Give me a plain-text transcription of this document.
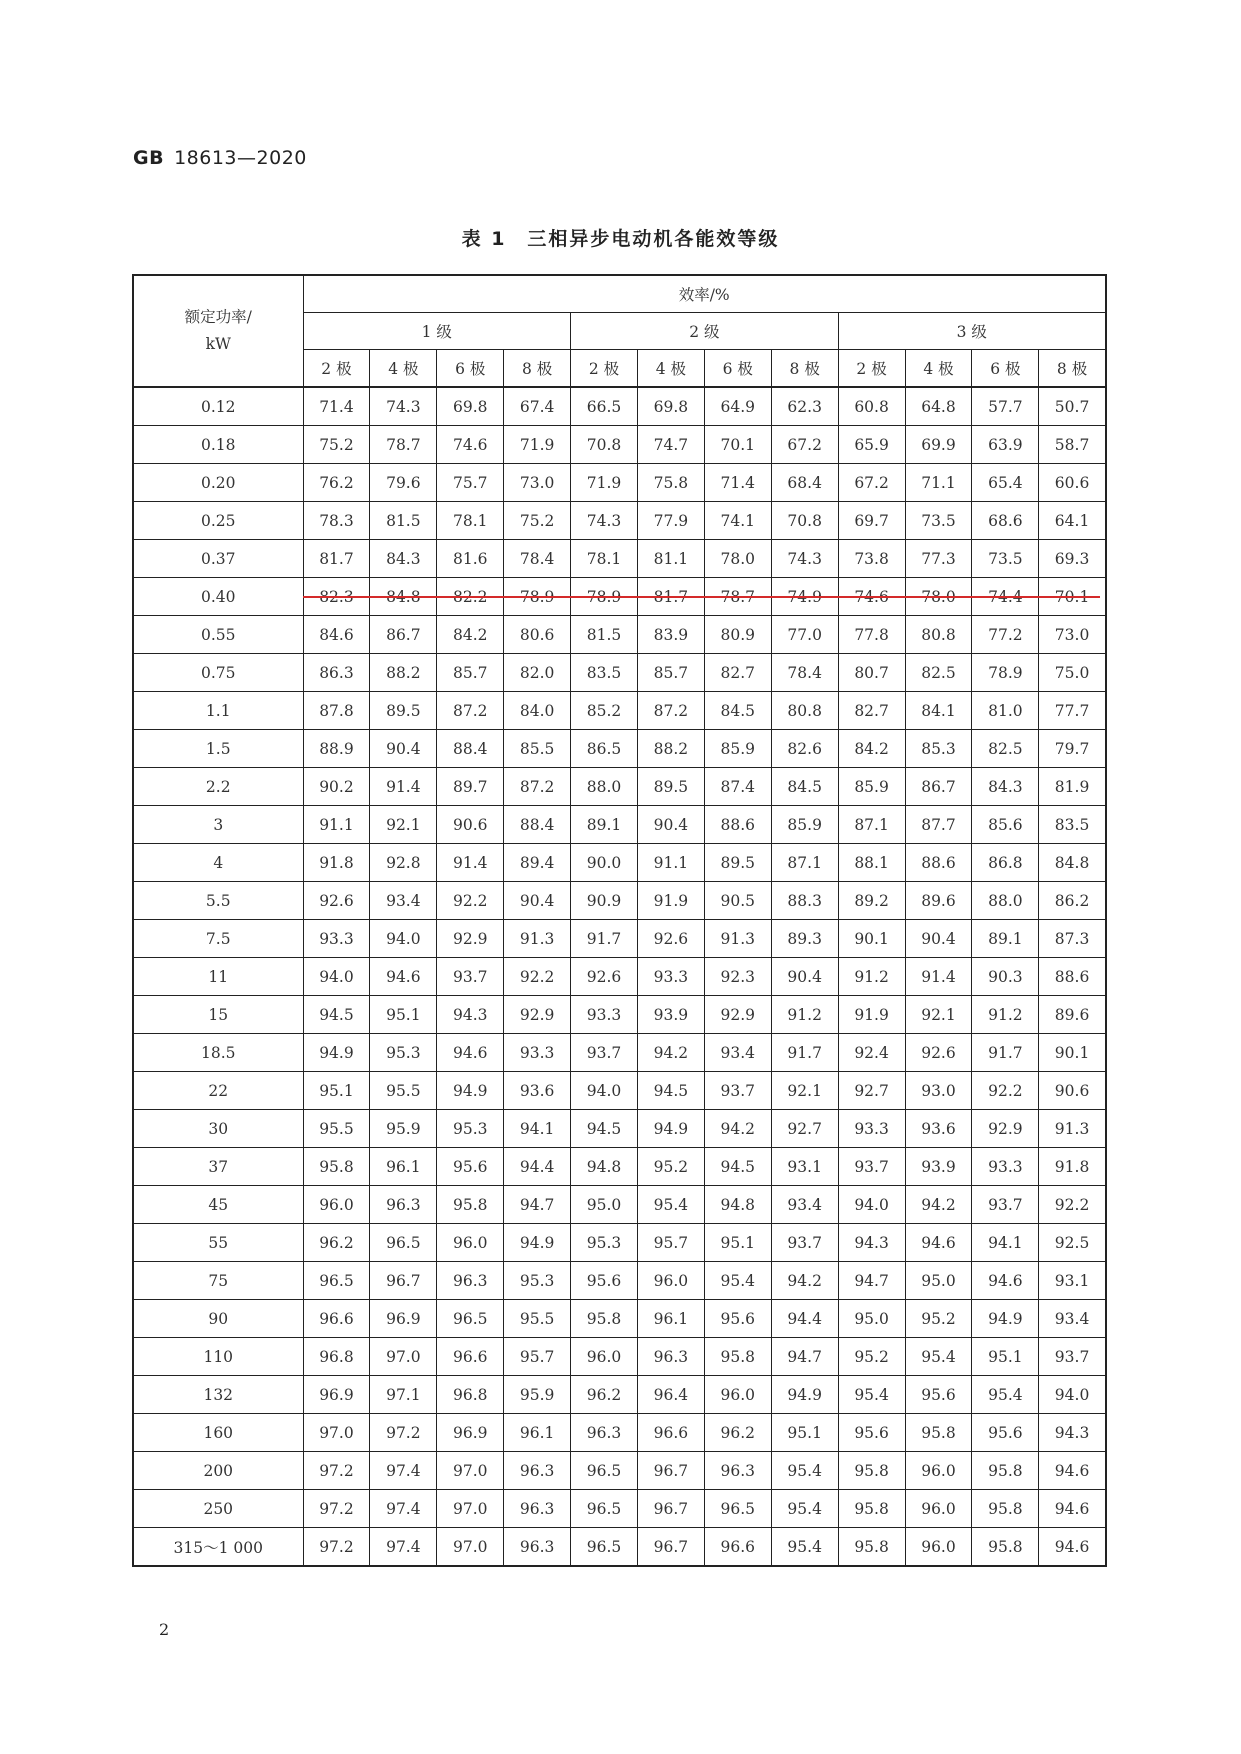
GB 18613—2020
表 1　三相异步电动机各能效等级
额定功率/
kW	效率/%											
	1 级				2 级				3 级			
	2 极	4 极	6 极	8 极	2 极	4 极	6 极	8 极	2 极	4 极	6 极	8 极
0.12	71.4	74.3	69.8	67.4	66.5	69.8	64.9	62.3	60.8	64.8	57.7	50.7
0.18	75.2	78.7	74.6	71.9	70.8	74.7	70.1	67.2	65.9	69.9	63.9	58.7
0.20	76.2	79.6	75.7	73.0	71.9	75.8	71.4	68.4	67.2	71.1	65.4	60.6
0.25	78.3	81.5	78.1	75.2	74.3	77.9	74.1	70.8	69.7	73.5	68.6	64.1
0.37	81.7	84.3	81.6	78.4	78.1	81.1	78.0	74.3	73.8	77.3	73.5	69.3
0.40	82.3	84.8	82.2	78.9	78.9	81.7	78.7	74.9	74.6	78.0	74.4	70.1
0.55	84.6	86.7	84.2	80.6	81.5	83.9	80.9	77.0	77.8	80.8	77.2	73.0
0.75	86.3	88.2	85.7	82.0	83.5	85.7	82.7	78.4	80.7	82.5	78.9	75.0
1.1	87.8	89.5	87.2	84.0	85.2	87.2	84.5	80.8	82.7	84.1	81.0	77.7
1.5	88.9	90.4	88.4	85.5	86.5	88.2	85.9	82.6	84.2	85.3	82.5	79.7
2.2	90.2	91.4	89.7	87.2	88.0	89.5	87.4	84.5	85.9	86.7	84.3	81.9
3	91.1	92.1	90.6	88.4	89.1	90.4	88.6	85.9	87.1	87.7	85.6	83.5
4	91.8	92.8	91.4	89.4	90.0	91.1	89.5	87.1	88.1	88.6	86.8	84.8
5.5	92.6	93.4	92.2	90.4	90.9	91.9	90.5	88.3	89.2	89.6	88.0	86.2
7.5	93.3	94.0	92.9	91.3	91.7	92.6	91.3	89.3	90.1	90.4	89.1	87.3
11	94.0	94.6	93.7	92.2	92.6	93.3	92.3	90.4	91.2	91.4	90.3	88.6
15	94.5	95.1	94.3	92.9	93.3	93.9	92.9	91.2	91.9	92.1	91.2	89.6
18.5	94.9	95.3	94.6	93.3	93.7	94.2	93.4	91.7	92.4	92.6	91.7	90.1
22	95.1	95.5	94.9	93.6	94.0	94.5	93.7	92.1	92.7	93.0	92.2	90.6
30	95.5	95.9	95.3	94.1	94.5	94.9	94.2	92.7	93.3	93.6	92.9	91.3
37	95.8	96.1	95.6	94.4	94.8	95.2	94.5	93.1	93.7	93.9	93.3	91.8
45	96.0	96.3	95.8	94.7	95.0	95.4	94.8	93.4	94.0	94.2	93.7	92.2
55	96.2	96.5	96.0	94.9	95.3	95.7	95.1	93.7	94.3	94.6	94.1	92.5
75	96.5	96.7	96.3	95.3	95.6	96.0	95.4	94.2	94.7	95.0	94.6	93.1
90	96.6	96.9	96.5	95.5	95.8	96.1	95.6	94.4	95.0	95.2	94.9	93.4
110	96.8	97.0	96.6	95.7	96.0	96.3	95.8	94.7	95.2	95.4	95.1	93.7
132	96.9	97.1	96.8	95.9	96.2	96.4	96.0	94.9	95.4	95.6	95.4	94.0
160	97.0	97.2	96.9	96.1	96.3	96.6	96.2	95.1	95.6	95.8	95.6	94.3
200	97.2	97.4	97.0	96.3	96.5	96.7	96.3	95.4	95.8	96.0	95.8	94.6
250	97.2	97.4	97.0	96.3	96.5	96.7	96.5	95.4	95.8	96.0	95.8	94.6
315～1 000	97.2	97.4	97.0	96.3	96.5	96.7	96.6	95.4	95.8	96.0	95.8	94.6
2
